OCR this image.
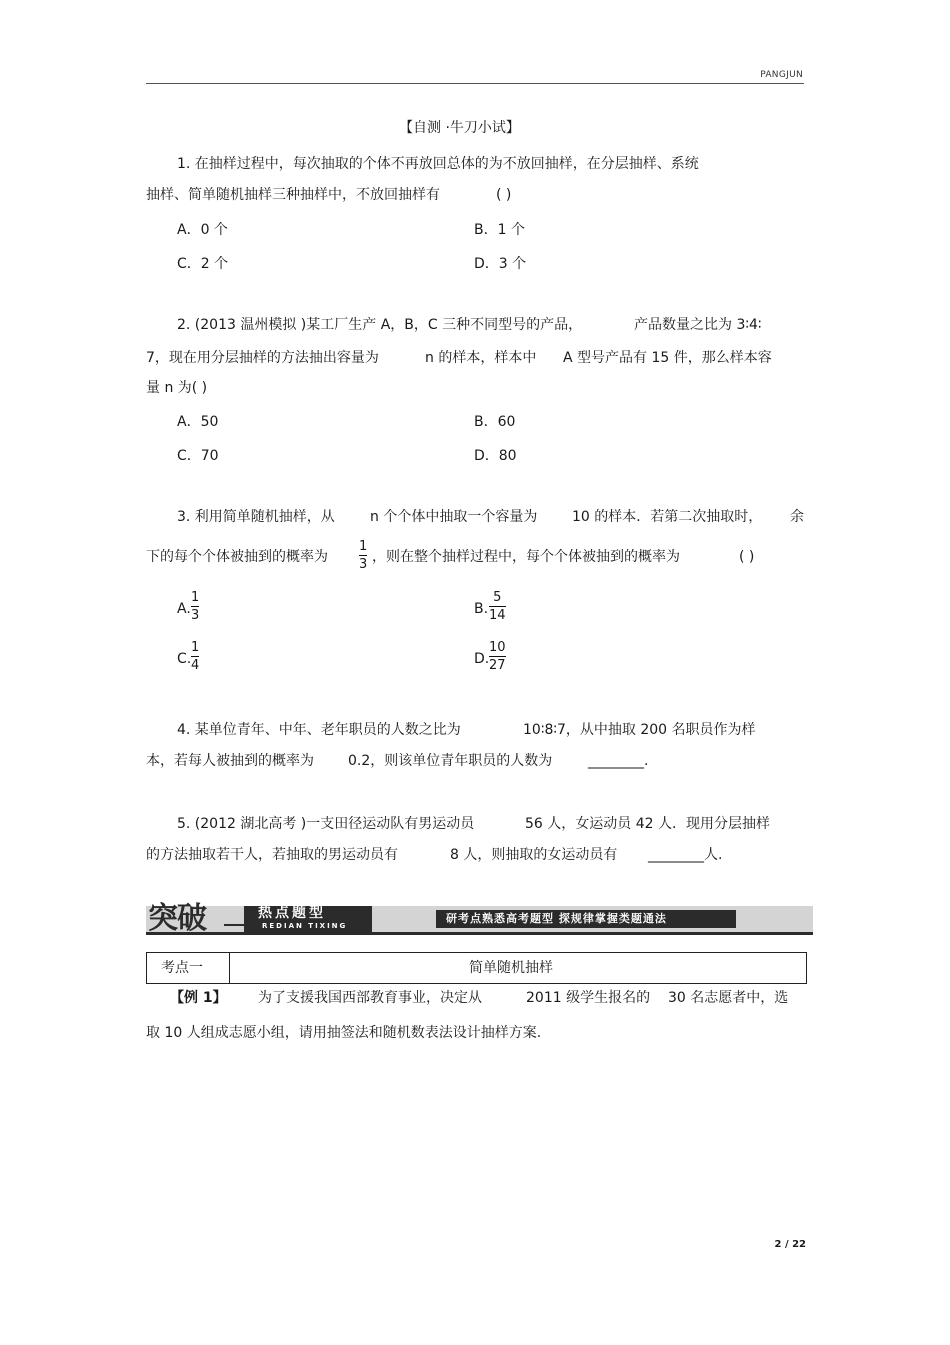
PANGJUN
【自测 ·牛刀小试】
1. 在抽样过程中，每次抽取的个体不再放回总体的为不放回抽样，在分层抽样、系统
抽样、简单随机抽样三种抽样中，不放回抽样有	( )
A．0 个	B．1 个
C．2 个	D．3 个
2. (2013 温州模拟 )某工厂生产 A，B，C 三种不同型号的产品，	产品数量之比为 3∶4∶
7，现在用分层抽样的方法抽出容量为	n 的样本，样本中 A 型号产品有 15 件，那么样本容
量 n 为( )
A．50	B．60
C．70	D．80
3. 利用简单随机抽样，从	n 个个体中抽取一个容量为 10 的样本．若第二次抽取时， 余
下的每个个体被抽到的概率为
1
3 ，则在整个抽样过程中，每个个体被抽到的概率为	( )
A.
1
3	B.
5
14
C.
1
4	D.
10
27
4. 某单位青年、中年、老年职员的人数之比为	10∶8∶7，从中抽取 200 名职员作为样
本，若每人被抽到的概率为 0.2，则该单位青年职员的人数为	________.
5. (2012 湖北高考 )一支田径运动队有男运动员	56 人，女运动员 42 人．现用分层抽样
的方法抽取若干人，若抽取的男运动员有	8 人，则抽取的女运动员有 ________人.
突破	热点题型
REDIAN TIXING
研考点熟悉高考题型 探规律掌握类题通法
考点一	简单随机抽样
【例 1】 为了支援我国西部教育事业，决定从	2011 级学生报名的 30 名志愿者中，选
取 10 人组成志愿小组，请用抽签法和随机数表法设计抽样方案.
2 / 22
